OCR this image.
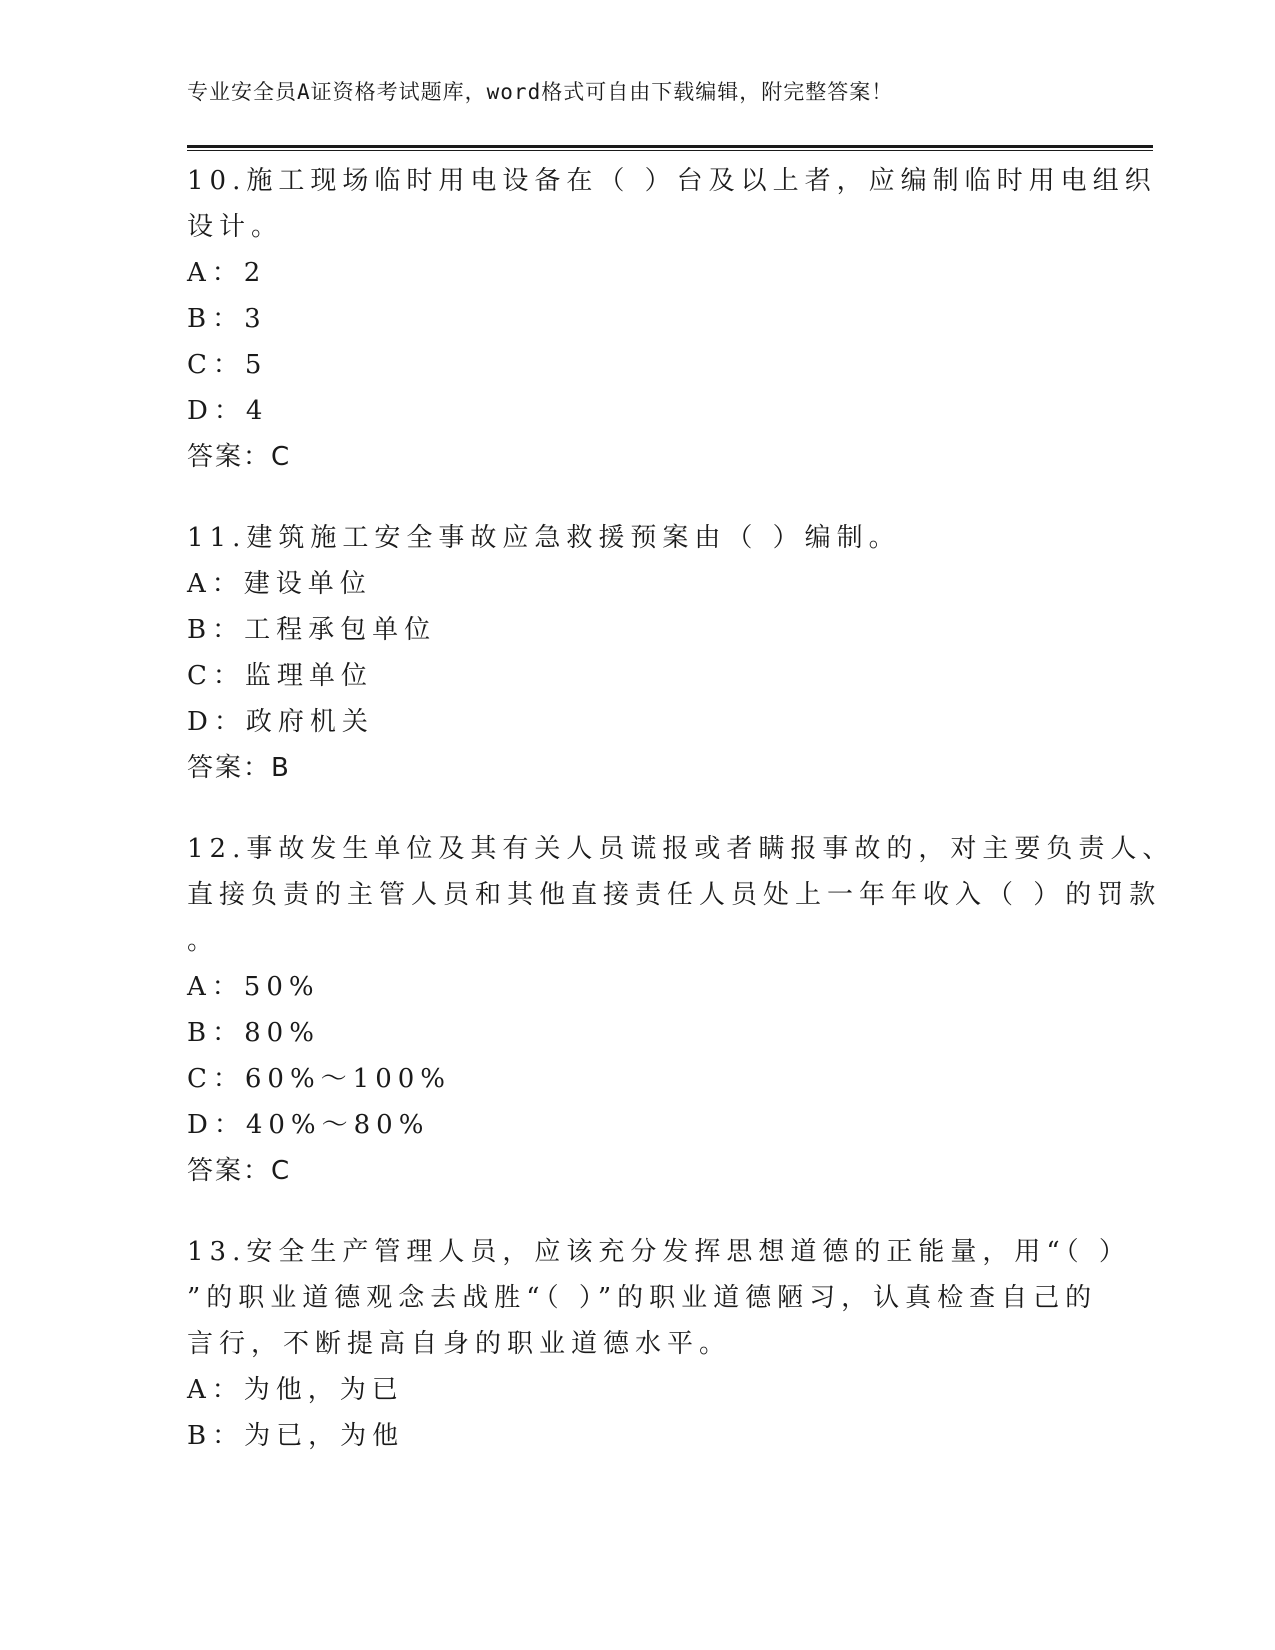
专业安全员A证资格考试题库，word格式可自由下载编辑，附完整答案！
10.施工现场临时用电设备在（ ）台及以上者，应编制临时用电组织
设计。
A：2
B：3
C：5
D：4
答案：C
11.建筑施工安全事故应急救援预案由（ ）编制。
A：建设单位
B：工程承包单位
C：监理单位
D：政府机关
答案：B
12.事故发生单位及其有关人员谎报或者瞒报事故的，对主要负责人、
直接负责的主管人员和其他直接责任人员处上一年年收入（ ）的罚款
。
A：50%
B：80%
C：60%～100%
D：40%～80%
答案：C
13.安全生产管理人员，应该充分发挥思想道德的正能量，用“（ ）
”的职业道德观念去战胜“（ ）”的职业道德陋习，认真检查自己的
言行，不断提高自身的职业道德水平。
A：为他，为已
B：为已，为他
